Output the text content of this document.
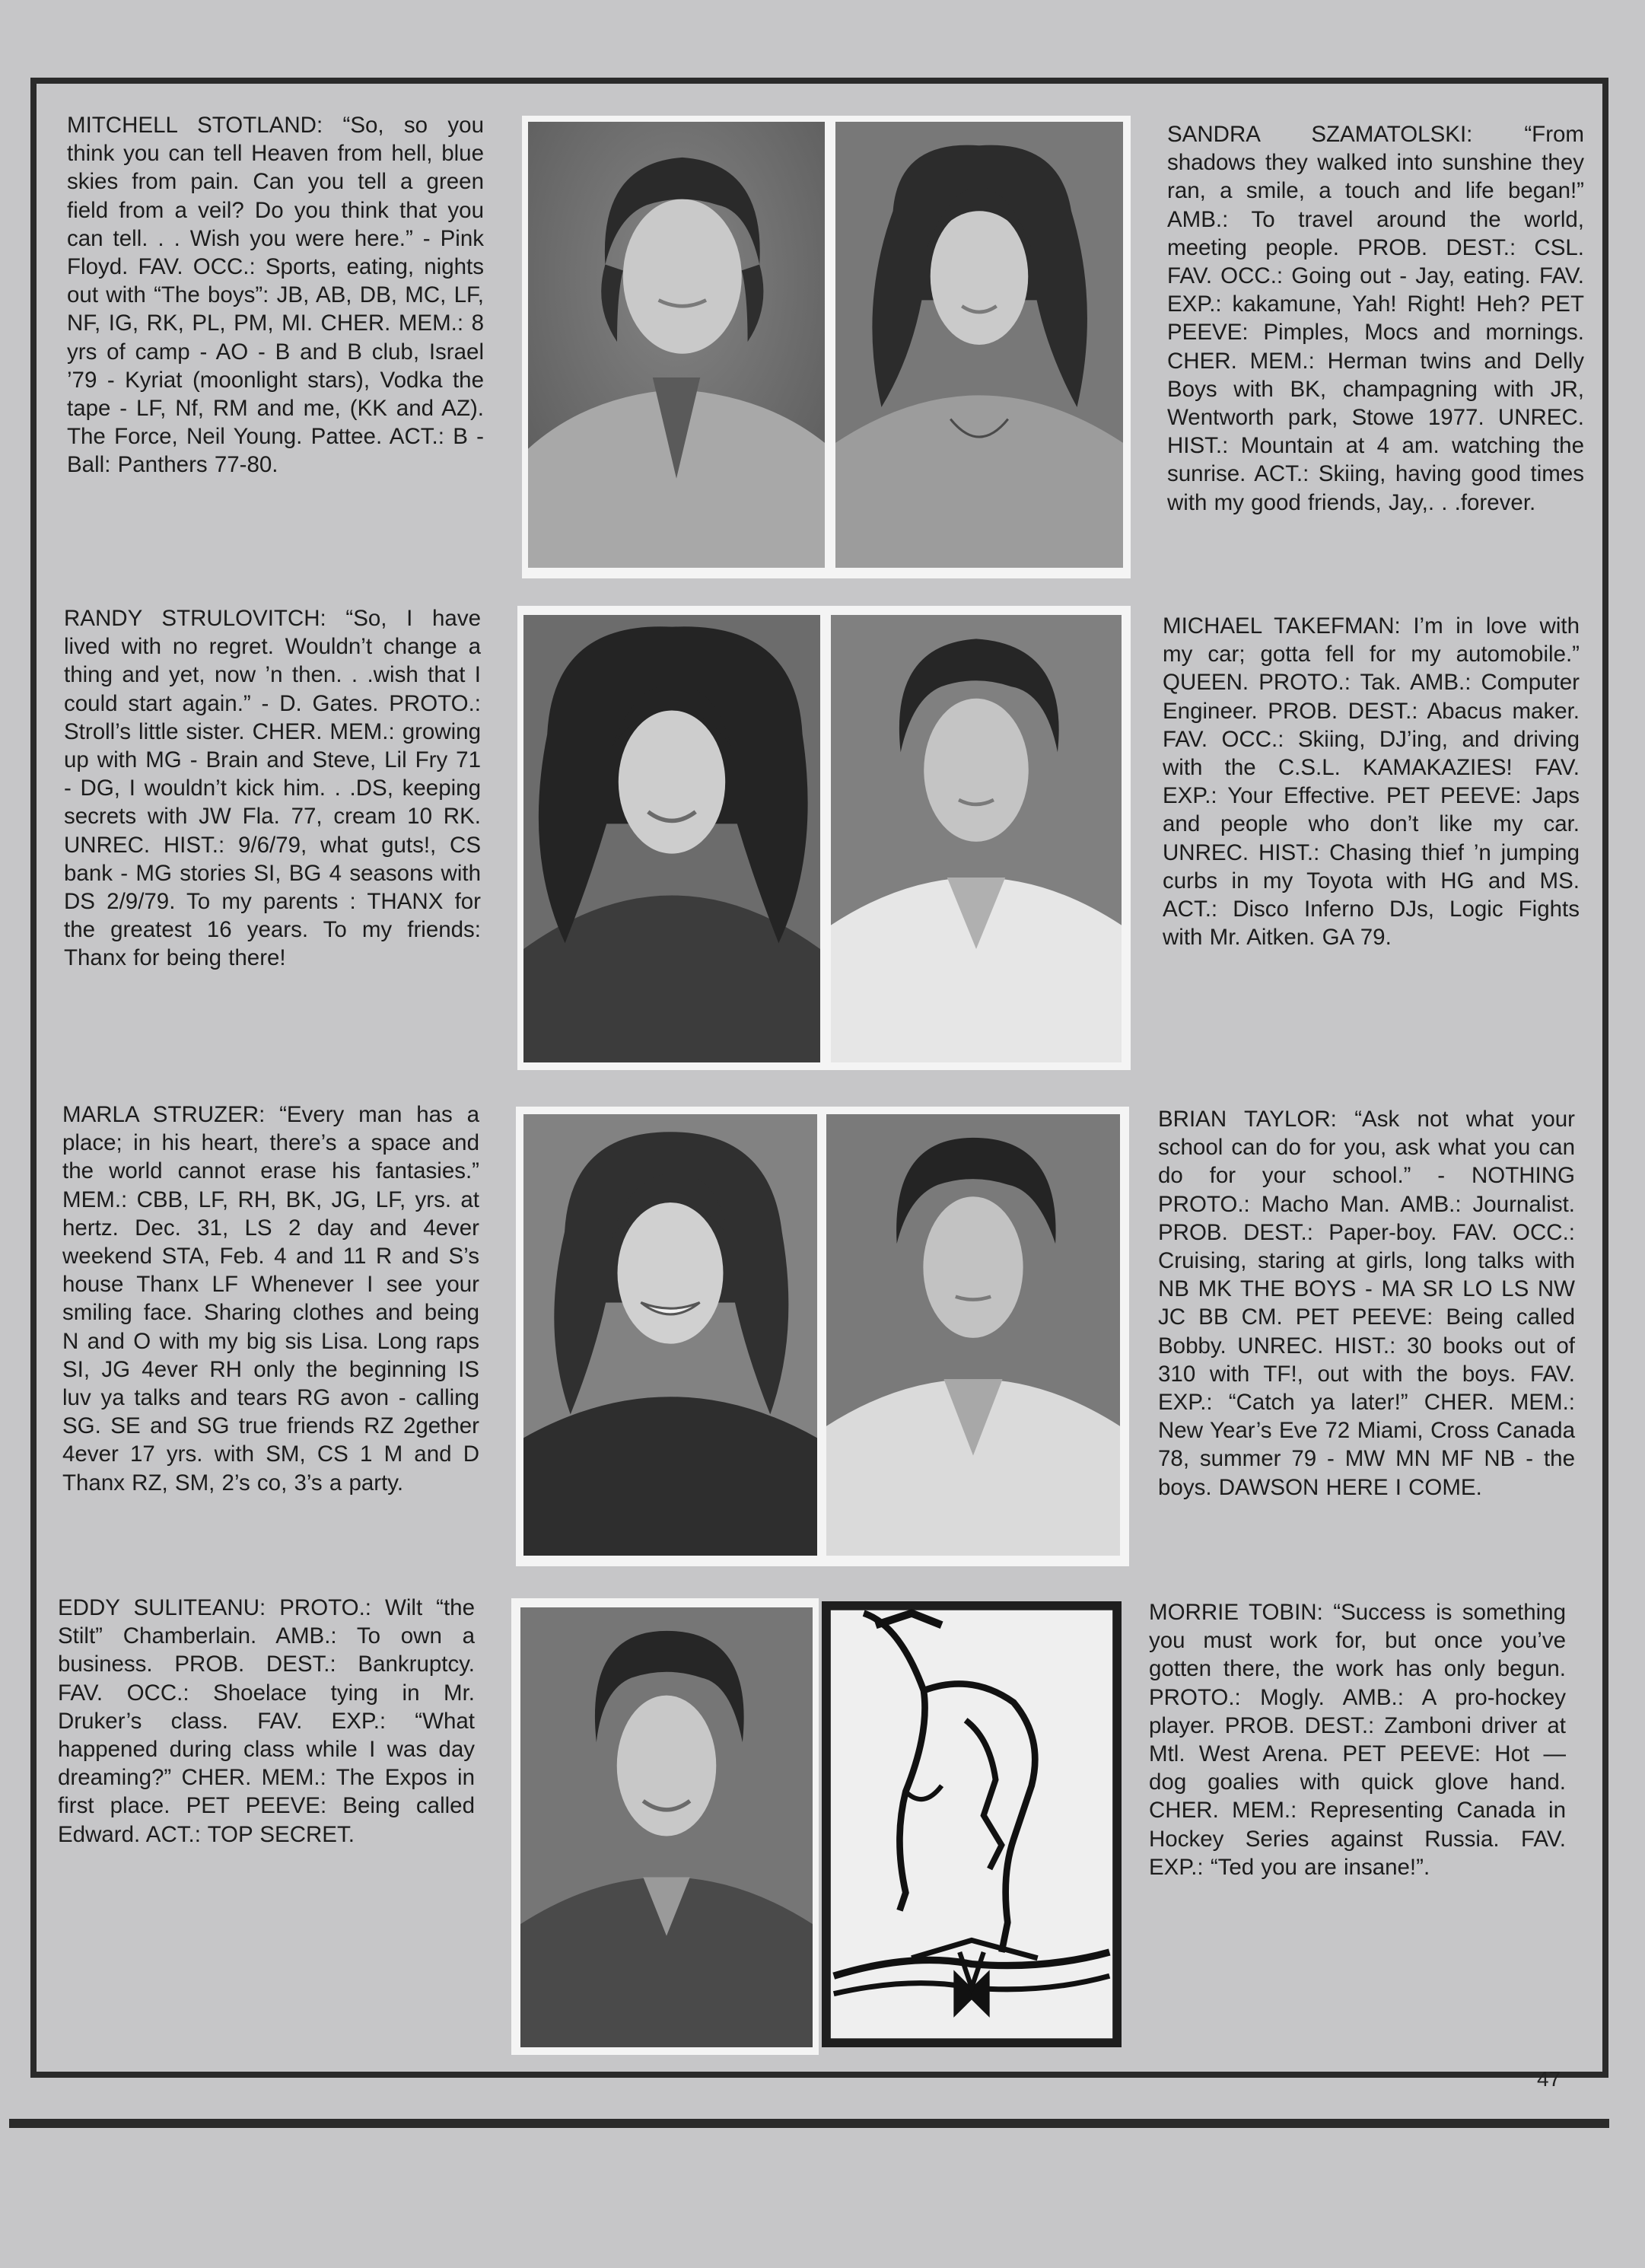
MITCHELL STOTLAND: “So, so you think you can tell Heaven from hell, blue skies from pain. Can you tell a green field from a veil? Do you think that you can tell. . . Wish you were here.” - Pink Floyd. FAV. OCC.: Sports, eating, nights out with “The boys”: JB, AB, DB, MC, LF, NF, IG, RK, PL, PM, MI. CHER. MEM.: 8 yrs of camp - AO - B and B club, Israel ’79 - Kyriat (moonlight stars), Vodka the tape - LF, Nf, RM and me, (KK and AZ). The Force, Neil Young. Pattee. ACT.: B - Ball: Panthers 77-80.
SANDRA SZAMATOLSKI: “From shadows they walked into sunshine they ran, a smile, a touch and life began!” AMB.: To travel around the world, meeting people. PROB. DEST.: CSL. FAV. OCC.: Going out - Jay, eating. FAV. EXP.: kakamune, Yah! Right! Heh? PET PEEVE: Pimples, Mocs and mornings. CHER. MEM.: Herman twins and Delly Boys with BK, champagning with JR, Wentworth park, Stowe 1977. UNREC. HIST.: Mountain at 4 am. watching the sunrise. ACT.: Skiing, having good times with my good friends, Jay,. . .forever.
RANDY STRULOVITCH: “So, I have lived with no regret. Wouldn’t change a thing and yet, now ’n then. . .wish that I could start again.” - D. Gates. PROTO.: Stroll’s little sister. CHER. MEM.: growing up with MG - Brain and Steve, Lil Fry 71 - DG, I wouldn’t kick him. . .DS, keeping secrets with JW Fla. 77, cream 10 RK. UNREC. HIST.: 9/6/79, what guts!, CS bank - MG stories SI, BG 4 seasons with DS 2/9/79. To my parents : THANX for the greatest 16 years. To my friends: Thanx for being there!
MICHAEL TAKEFMAN: I’m in love with my car; gotta fell for my automobile.” QUEEN. PROTO.: Tak. AMB.: Computer Engineer. PROB. DEST.: Abacus maker. FAV. OCC.: Skiing, DJ’ing, and driving with the C.S.L. KAMAKAZIES! FAV. EXP.: Your Effective. PET PEEVE: Japs and people who don’t like my car. UNREC. HIST.: Chasing thief ’n jumping curbs in my Toyota with HG and MS. ACT.: Disco Inferno DJs, Logic Fights with Mr. Aitken. GA 79.
MARLA STRUZER: “Every man has a place; in his heart, there’s a space and the world cannot erase his fantasies.” MEM.: CBB, LF, RH, BK, JG, LF, yrs. at hertz. Dec. 31, LS 2 day and 4ever weekend STA, Feb. 4 and 11 R and S’s house Thanx LF Whenever I see your smiling face. Sharing clothes and being N and O with my big sis Lisa. Long raps SI, JG 4ever RH only the beginning IS luv ya talks and tears RG avon - calling SG. SE and SG true friends RZ 2gether 4ever 17 yrs. with SM, CS 1 M and D Thanx RZ, SM, 2’s co, 3’s a party.
BRIAN TAYLOR: “Ask not what your school can do for you, ask what you can do for your school.” - NOTHING PROTO.: Macho Man. AMB.: Journalist. PROB. DEST.: Paper-boy. FAV. OCC.: Cruising, staring at girls, long talks with NB MK THE BOYS - MA SR LO LS NW JC BB CM. PET PEEVE: Being called Bobby. UNREC. HIST.: 30 books out of 310 with TF!, out with the boys. FAV. EXP.: “Catch ya later!” CHER. MEM.: New Year’s Eve 72 Miami, Cross Canada 78, summer 79 - MW MN MF NB - the boys. DAWSON HERE I COME.
EDDY SULITEANU: PROTO.: Wilt “the Stilt” Chamberlain. AMB.: To own a business. PROB. DEST.: Bankruptcy. FAV. OCC.: Shoelace tying in Mr. Druker’s class. FAV. EXP.: “What happened during class while I was day dreaming?” CHER. MEM.: The Expos in first place. PET PEEVE: Being called Edward. ACT.: TOP SECRET.
MORRIE TOBIN: “Success is something you must work for, but once you’ve gotten there, the work has only begun. PROTO.: Mogly. AMB.: A pro-hockey player. PROB. DEST.: Zamboni driver at Mtl. West Arena. PET PEEVE: Hot — dog goalies with quick glove hand. CHER. MEM.: Representing Canada in Hockey Series against Russia. FAV. EXP.: “Ted you are insane!”.
47
